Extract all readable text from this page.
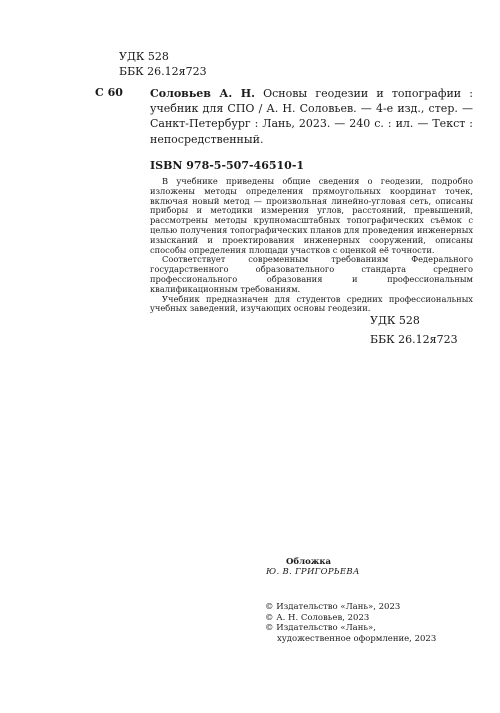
УДК 528
ББК 26.12я723
С 60 Соловьев А. Н. Основы геодезии и топографии : учебник для СПО / А. Н. Соловьев. — 4-е изд., стер. — Санкт-Петербург : Лань, 2023. — 240 с. : ил. — Текст : непосредственный.
ISBN 978-5-507-46510-1

В учебнике приведены общие сведения о геодезии, подробно изложены методы определения прямоугольных координат точек, включая новый метод — произвольная линейно-угловая сеть, описаны приборы и методики измерения углов, расстояний, превышений, рассмотрены методы крупномасштабных топографических съёмок с целью получения топографических планов для проведения инженерных изысканий и проектирования инженерных сооружений, описаны способы определения площади участков с оценкой её точности.

Соответствует современным требованиям Федерального государственного образовательного стандарта среднего профессионального образования и профессиональным квалификационным требованиям.

Учебник предназначен для студентов средних профессиональных учебных заведений, изучающих основы геодезии.

УДК 528
ББК 26.12я723
Обложка
Ю. В. ГРИГОРЬЕВА
© Издательство «Лань», 2023
© А. Н. Соловьев, 2023
© Издательство «Лань»,
художественное оформление, 2023
